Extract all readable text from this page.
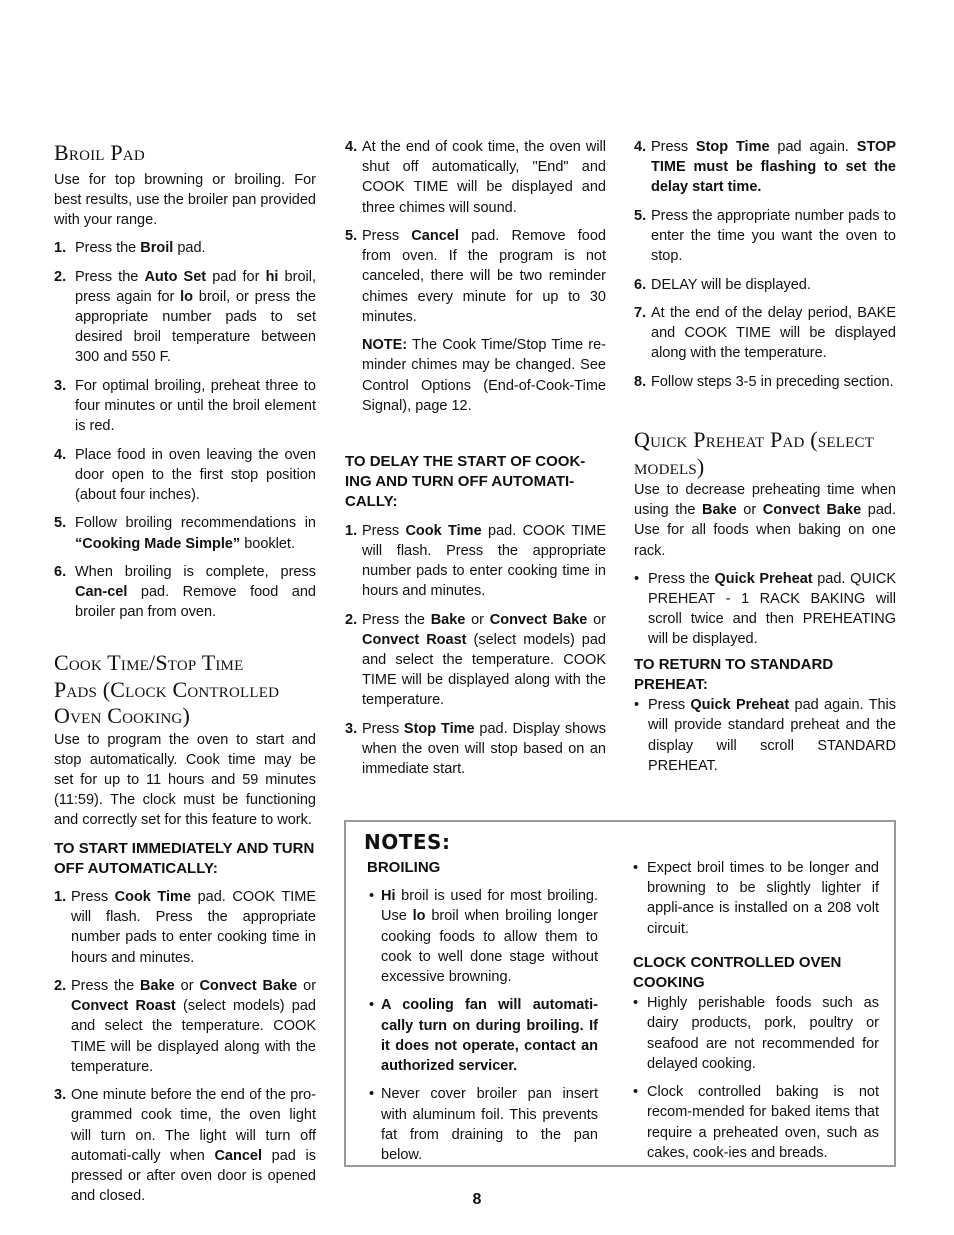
Broil Pad

Use for top browning or broiling. For best results, use the broiler pan provided with your range.

1. Press the Broil pad.
2. Press the Auto Set pad for hi broil, press again for lo broil, or press the appropriate number pads to set desired broil temperature between 300 and 550 F.
3. For optimal broiling, preheat three to four minutes or until the broil element is red.
4. Place food in oven leaving the oven door open to the first stop position (about four inches).
5. Follow broiling recommendations in “Cooking Made Simple” booklet.
6. When broiling is complete, press Can-cel pad. Remove food and broiler pan from oven.
Cook Time/Stop Time
Pads (Clock Controlled
Oven Cooking)

Use to program the oven to start and stop automatically. Cook time may be set for up to 11 hours and 59 minutes (11:59). The clock must be functioning and correctly set for this feature to work.

TO START IMMEDIATELY AND TURN OFF AUTOMATICALLY:
1. Press Cook Time pad. COOK TIME will flash. Press the appropriate number pads to enter cooking time in hours and minutes.
2. Press the Bake or Convect Bake or Convect Roast (select models) pad and select the temperature. COOK TIME will be displayed along with the temperature.
3. One minute before the end of the pro-grammed cook time, the oven light will turn on. The light will turn off automati-cally when Cancel pad is pressed or after oven door is opened and closed.
4. At the end of cook time, the oven will shut off automatically, "End" and COOK TIME will be displayed and three chimes will sound.
5. Press Cancel pad. Remove food from oven. If the program is not canceled, there will be two reminder chimes every minute for up to 30 minutes.

NOTE: The Cook Time/Stop Time re-minder chimes may be changed. See Control Options (End-of-Cook-Time Signal), page 12.

TO DELAY THE START OF COOK-ING AND TURN OFF AUTOMATI-CALLY:
1. Press Cook Time pad. COOK TIME will flash. Press the appropriate number pads to enter cooking time in hours and minutes.
2. Press the Bake or Convect Bake or Convect Roast (select models) pad and select the temperature. COOK TIME will be displayed along with the temperature.
3. Press Stop Time pad. Display shows when the oven will stop based on an immediate start.
4. Press Stop Time pad again. STOP TIME must be flashing to set the delay start time.
5. Press the appropriate number pads to enter the time you want the oven to stop.
6. DELAY will be displayed.
7. At the end of the delay period, BAKE and COOK TIME will be displayed along with the temperature.
8. Follow steps 3-5 in preceding section.
Quick Preheat Pad (select
models)

Use to decrease preheating time when using the Bake or Convect Bake pad. Use for all foods when baking on one rack.

• Press the Quick Preheat pad. QUICK PREHEAT - 1 RACK BAKING will scroll twice and then PREHEATING will be displayed.
TO RETURN TO STANDARD PREHEAT:
• Press Quick Preheat pad again. This will provide standard preheat and the display will scroll STANDARD PREHEAT.
NOTES:
BROILING
• Hi broil is used for most broiling. Use lo broil when broiling longer cooking foods to allow them to cook to well done stage without excessive browning.
• A cooling fan will automati-cally turn on during broiling. If it does not operate, contact an authorized servicer.
• Never cover broiler pan insert with aluminum foil. This prevents fat from draining to the pan below.
• Expect broil times to be longer and browning to be slightly lighter if appli-ance is installed on a 208 volt circuit.
CLOCK CONTROLLED OVEN COOKING
• Highly perishable foods such as dairy products, pork, poultry or seafood are not recommended for delayed cooking.
• Clock controlled baking is not recom-mended for baked items that require a preheated oven, such as cakes, cook-ies and breads.
8
